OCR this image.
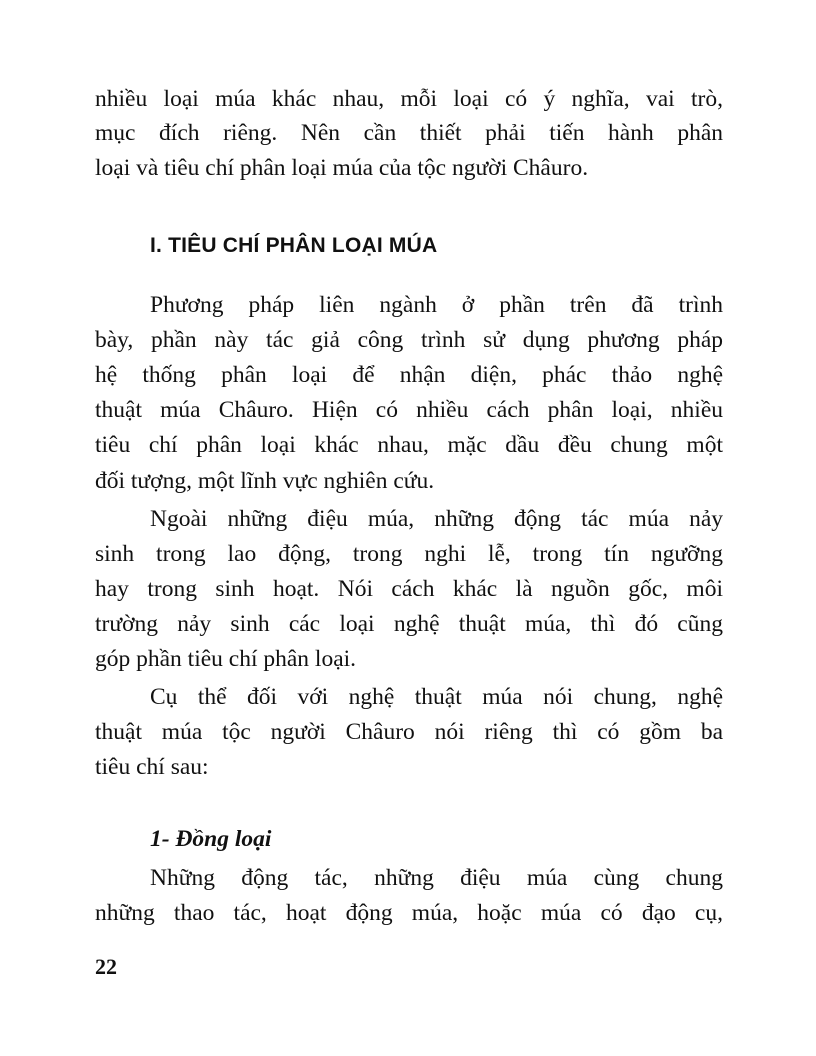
nhiều loại múa khác nhau, mỗi loại có ý nghĩa, vai trò,
mục đích riêng. Nên cần thiết phải tiến hành phân
loại và tiêu chí phân loại múa của tộc người Châuro.
I. TIÊU CHÍ PHÂN LOẠI MÚA
Phương pháp liên ngành ở phần trên đã trình
bày, phần này tác giả công trình sử dụng phương pháp
hệ thống phân loại để nhận diện, phác thảo nghệ
thuật múa Châuro. Hiện có nhiều cách phân loại, nhiều
tiêu chí phân loại khác nhau, mặc dầu đều chung một
đối tượng, một lĩnh vực nghiên cứu.
Ngoài những điệu múa, những động tác múa nảy
sinh trong lao động, trong nghi lễ, trong tín ngưỡng
hay trong sinh hoạt. Nói cách khác là nguồn gốc, môi
trường nảy sinh các loại nghệ thuật múa, thì đó cũng
góp phần tiêu chí phân loại.
Cụ thể đối với nghệ thuật múa nói chung, nghệ
thuật múa tộc người Châuro nói riêng thì có gồm ba
tiêu chí sau:
1- Đồng loại
Những động tác, những điệu múa cùng chung
những thao tác, hoạt động múa, hoặc múa có đạo cụ,
22
